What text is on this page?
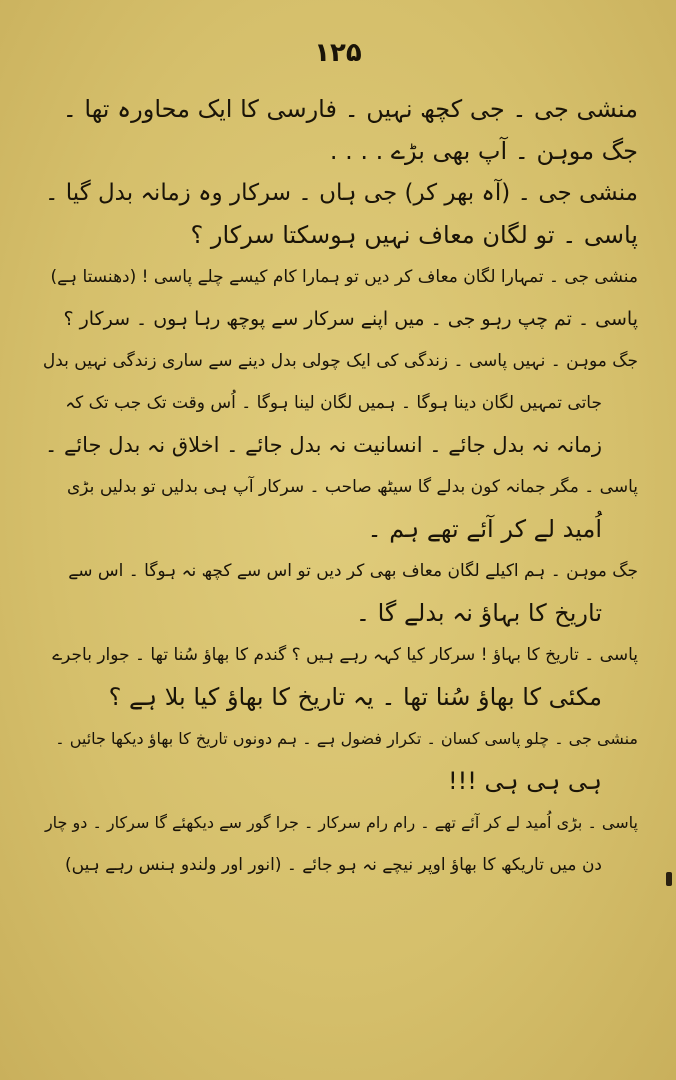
۱۲۵
منشی جی ۔ جی کچھ نہیں ۔ فارسی کا ایک محاورہ تھا ۔
جگ موہن ۔ آپ بھی بڑے . . . .
منشی جی ۔ (آہ بھر کر) جی ہاں ۔ سرکار وہ زمانہ بدل گیا ۔
پاسی ۔ تو لگان معاف نہیں ہوسکتا سرکار ؟
منشی جی ۔ تمہارا لگان معاف کر دیں تو ہمارا کام کیسے چلے پاسی ! (دھنستا ہے)
پاسی ۔ تم چپ رہو جی ۔ میں اپنے سرکار سے پوچھ رہا ہوں ۔ سرکار ؟
جگ موہن ۔ نہیں پاسی ۔ زندگی کی ایک چولی بدل دینے سے ساری زندگی نہیں بدل
جاتی تمہیں لگان دینا ہوگا ۔ ہمیں لگان لینا ہوگا ۔ اُس وقت تک جب تک کہ
زمانہ نہ بدل جائے ۔ انسانیت نہ بدل جائے ۔ اخلاق نہ بدل جائے ۔
پاسی ۔ مگر جمانہ کون بدلے گا سیٹھ صاحب ۔ سرکار آپ ہی بدلیں تو بدلیں بڑی
اُمید لے کر آئے تھے ہم ۔
جگ موہن ۔ ہم اکیلے لگان معاف بھی کر دیں تو اس سے کچھ نہ ہوگا ۔ اس سے
تاریخ کا بہاؤ نہ بدلے گا ۔
پاسی ۔ تاریخ کا بہاؤ ! سرکار کیا کہہ رہے ہیں ؟ گندم کا بھاؤ سُنا تھا ۔ جوار باجرے
مکئی کا بھاؤ سُنا تھا ۔ یہ تاریخ کا بھاؤ کیا بلا ہے ؟
منشی جی ۔ چلو پاسی کسان ۔ تکرار فضول ہے ۔ ہم دونوں تاریخ کا بھاؤ دیکھا جائیں ۔
ہی ہی ہی !!!
پاسی ۔ بڑی اُمید لے کر آئے تھے ۔ رام رام سرکار ۔ جرا گور سے دیکھئے گا سرکار ۔ دو چار
دن میں تاریکھ کا بھاؤ اوپر نیچے نہ ہو جائے ۔ (انور اور ولندو ہنس رہے ہیں)
